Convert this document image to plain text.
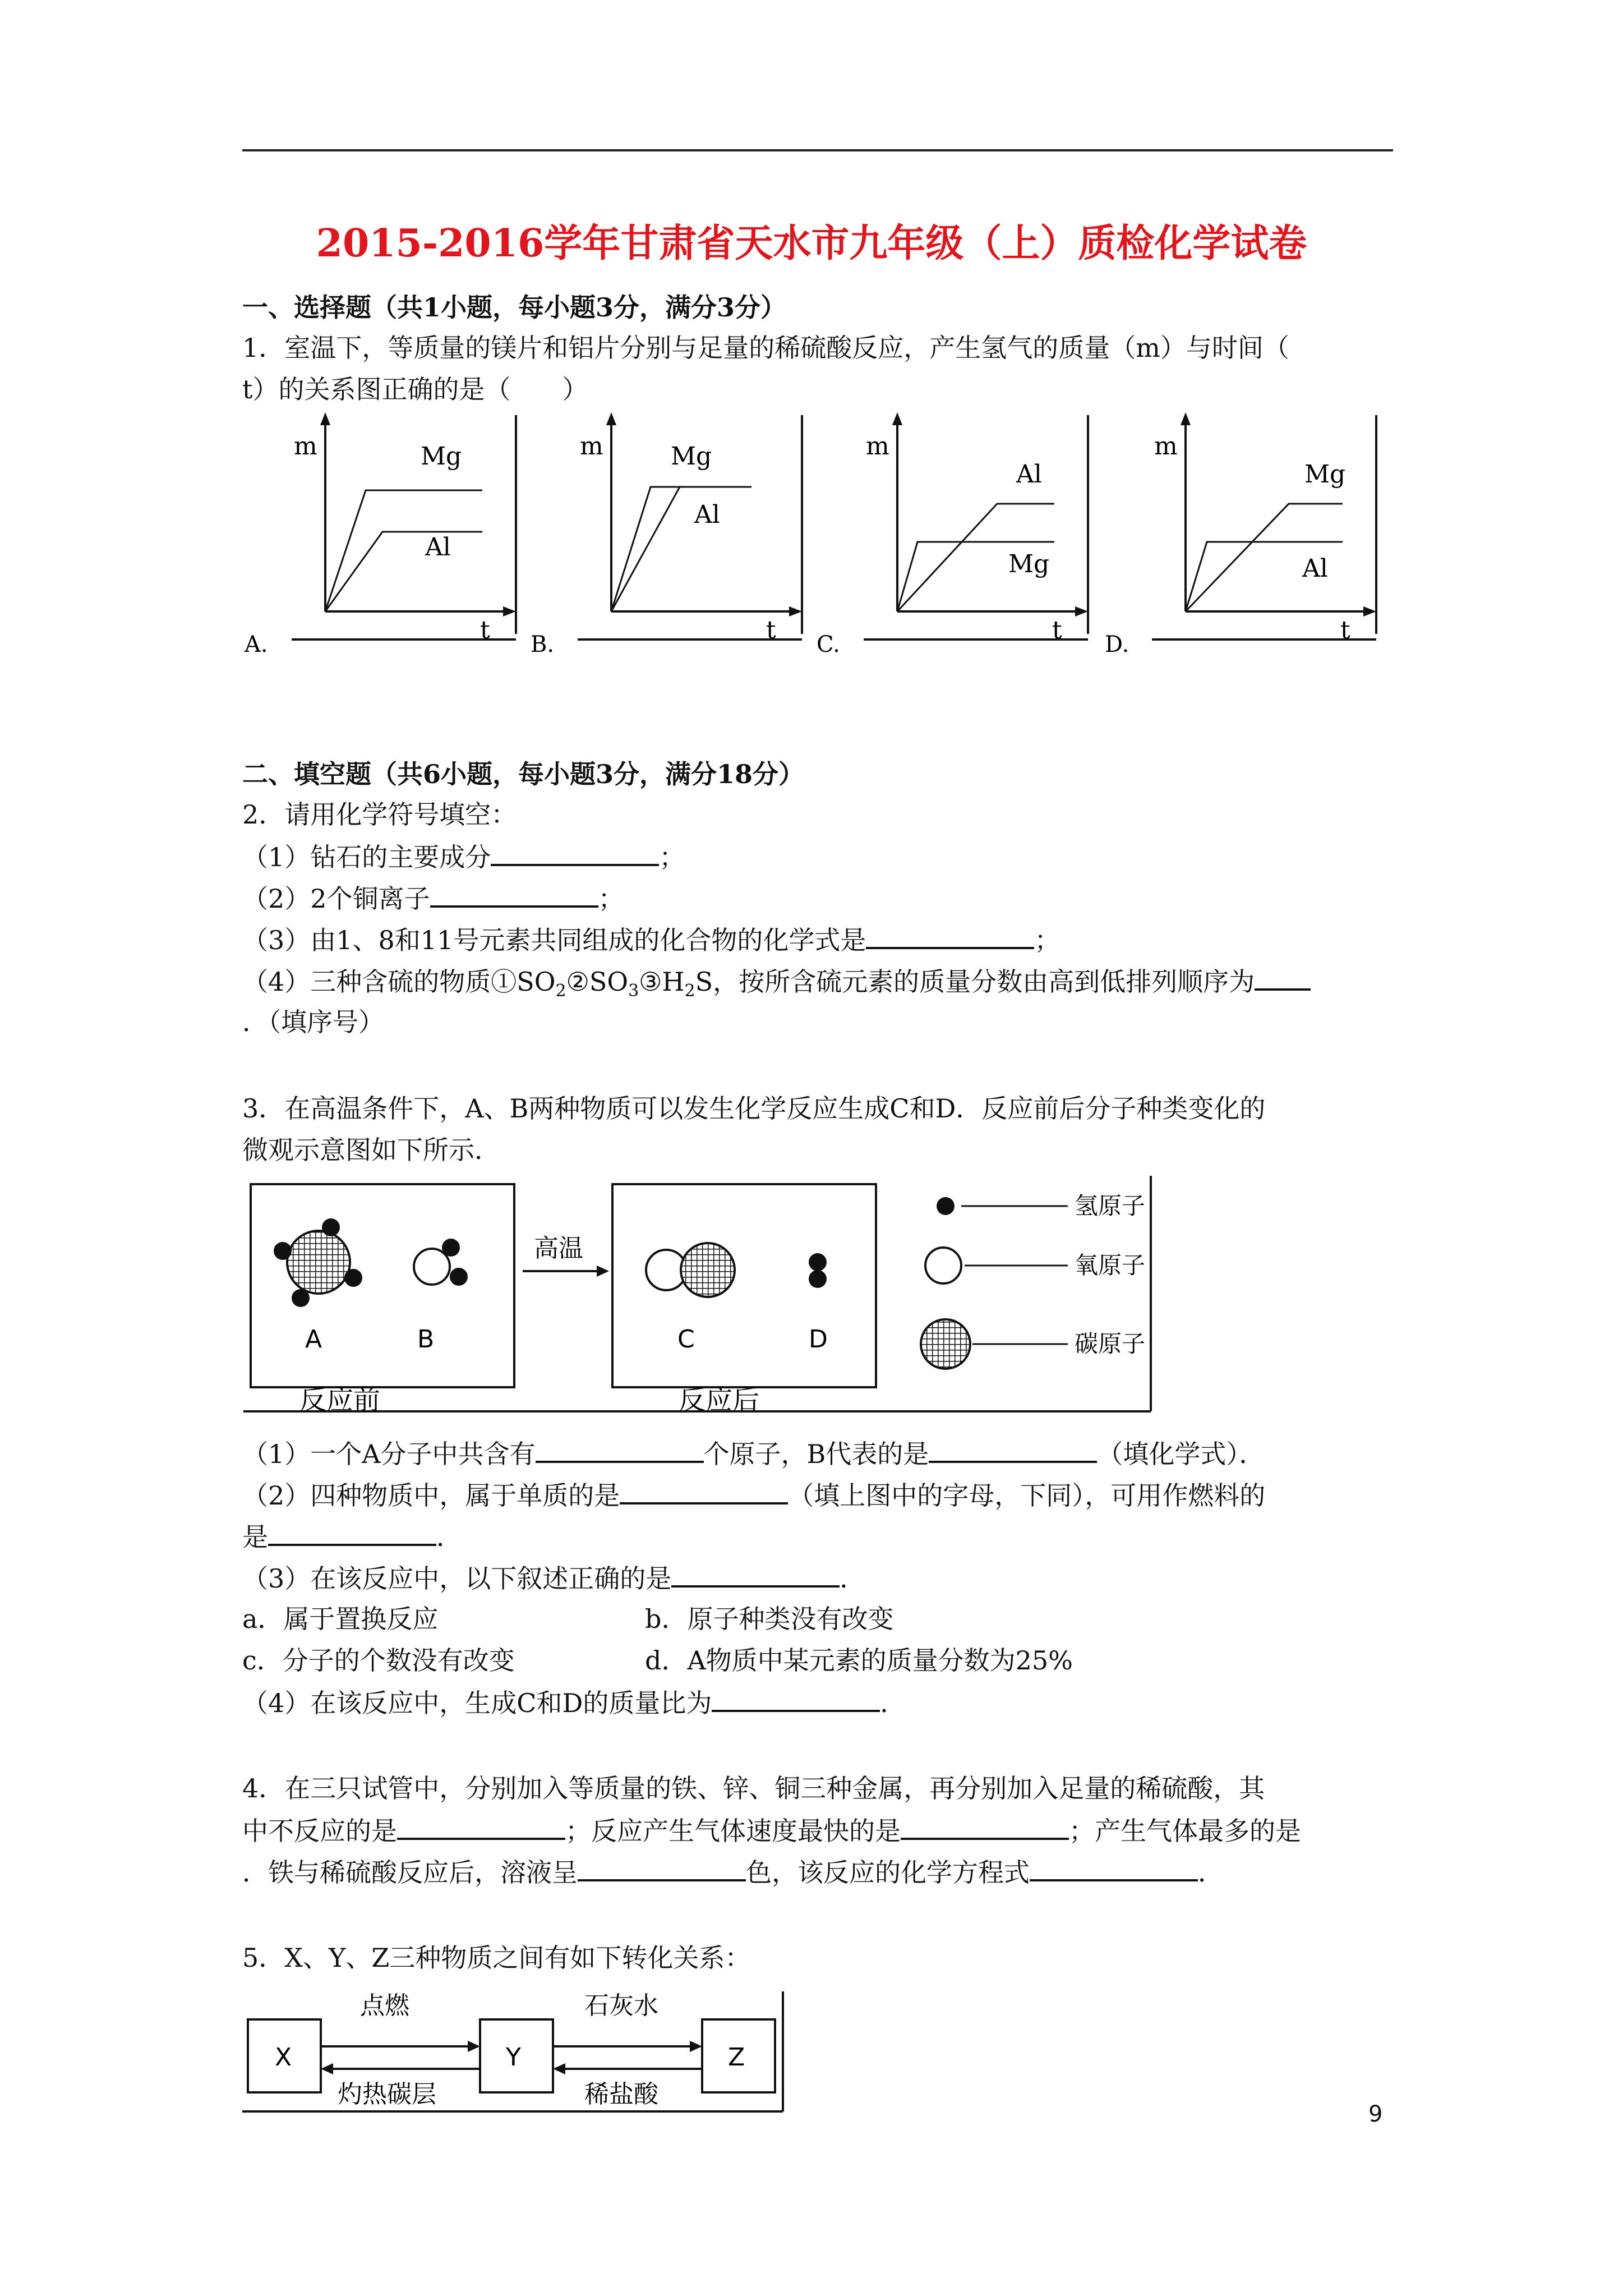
2015-2016学年甘肃省天水市九年级（上）质检化学试卷
一、选择题（共1小题，每小题3分，满分3分）
1．室温下，等质量的镁片和铝片分别与足量的稀硫酸反应，产生氢气的质量（m）与时间（
t）的关系图正确的是（　　）
m
t
Mg
Al
A.
m
t
Mg
Al
B.
m
t
Al
Mg
C.
m
t
Mg
Al
D.
二、填空题（共6小题，每小题3分，满分18分）
2．请用化学符号填空：
（1）钻石的主要成分	；
（2）2个铜离子	；
（3）由1、8和11号元素共同组成的化合物的化学式是	；
（4）三种含硫的物质$①SO_2②SO_3③H_2S$，按所含硫元素的质量分数由高到低排列顺序为
．（填序号）
3．在高温条件下，A、B两种物质可以发生化学反应生成C和D．反应前后分子种类变化的
微观示意图如下所示．
A	B
反应前
高温
C	D
反应后
氢原子
氧原子
碳原子
（1）一个A分子中共含有	个原子，B代表的是	（填化学式）．
（2）四种物质中，属于单质的是	（填上图中的字母，下同），可用作燃料的
是	．
（3）在该反应中，以下叙述正确的是	．
a．属于置换反应	b．原子种类没有改变
c．分子的个数没有改变	d．A物质中某元素的质量分数为25%
（4）在该反应中，生成C和D的质量比为	．
4．在三只试管中，分别加入等质量的铁、锌、铜三种金属，再分别加入足量的稀硫酸，其
中不反应的是	；反应产生气体速度最快的是	；产生气体最多的是
．铁与稀硫酸反应后，溶液呈	色，该反应的化学方程式	．
5．X、Y、Z三种物质之间有如下转化关系：
X	Y	Z
点燃
灼热碳层
石灰水
稀盐酸
9
